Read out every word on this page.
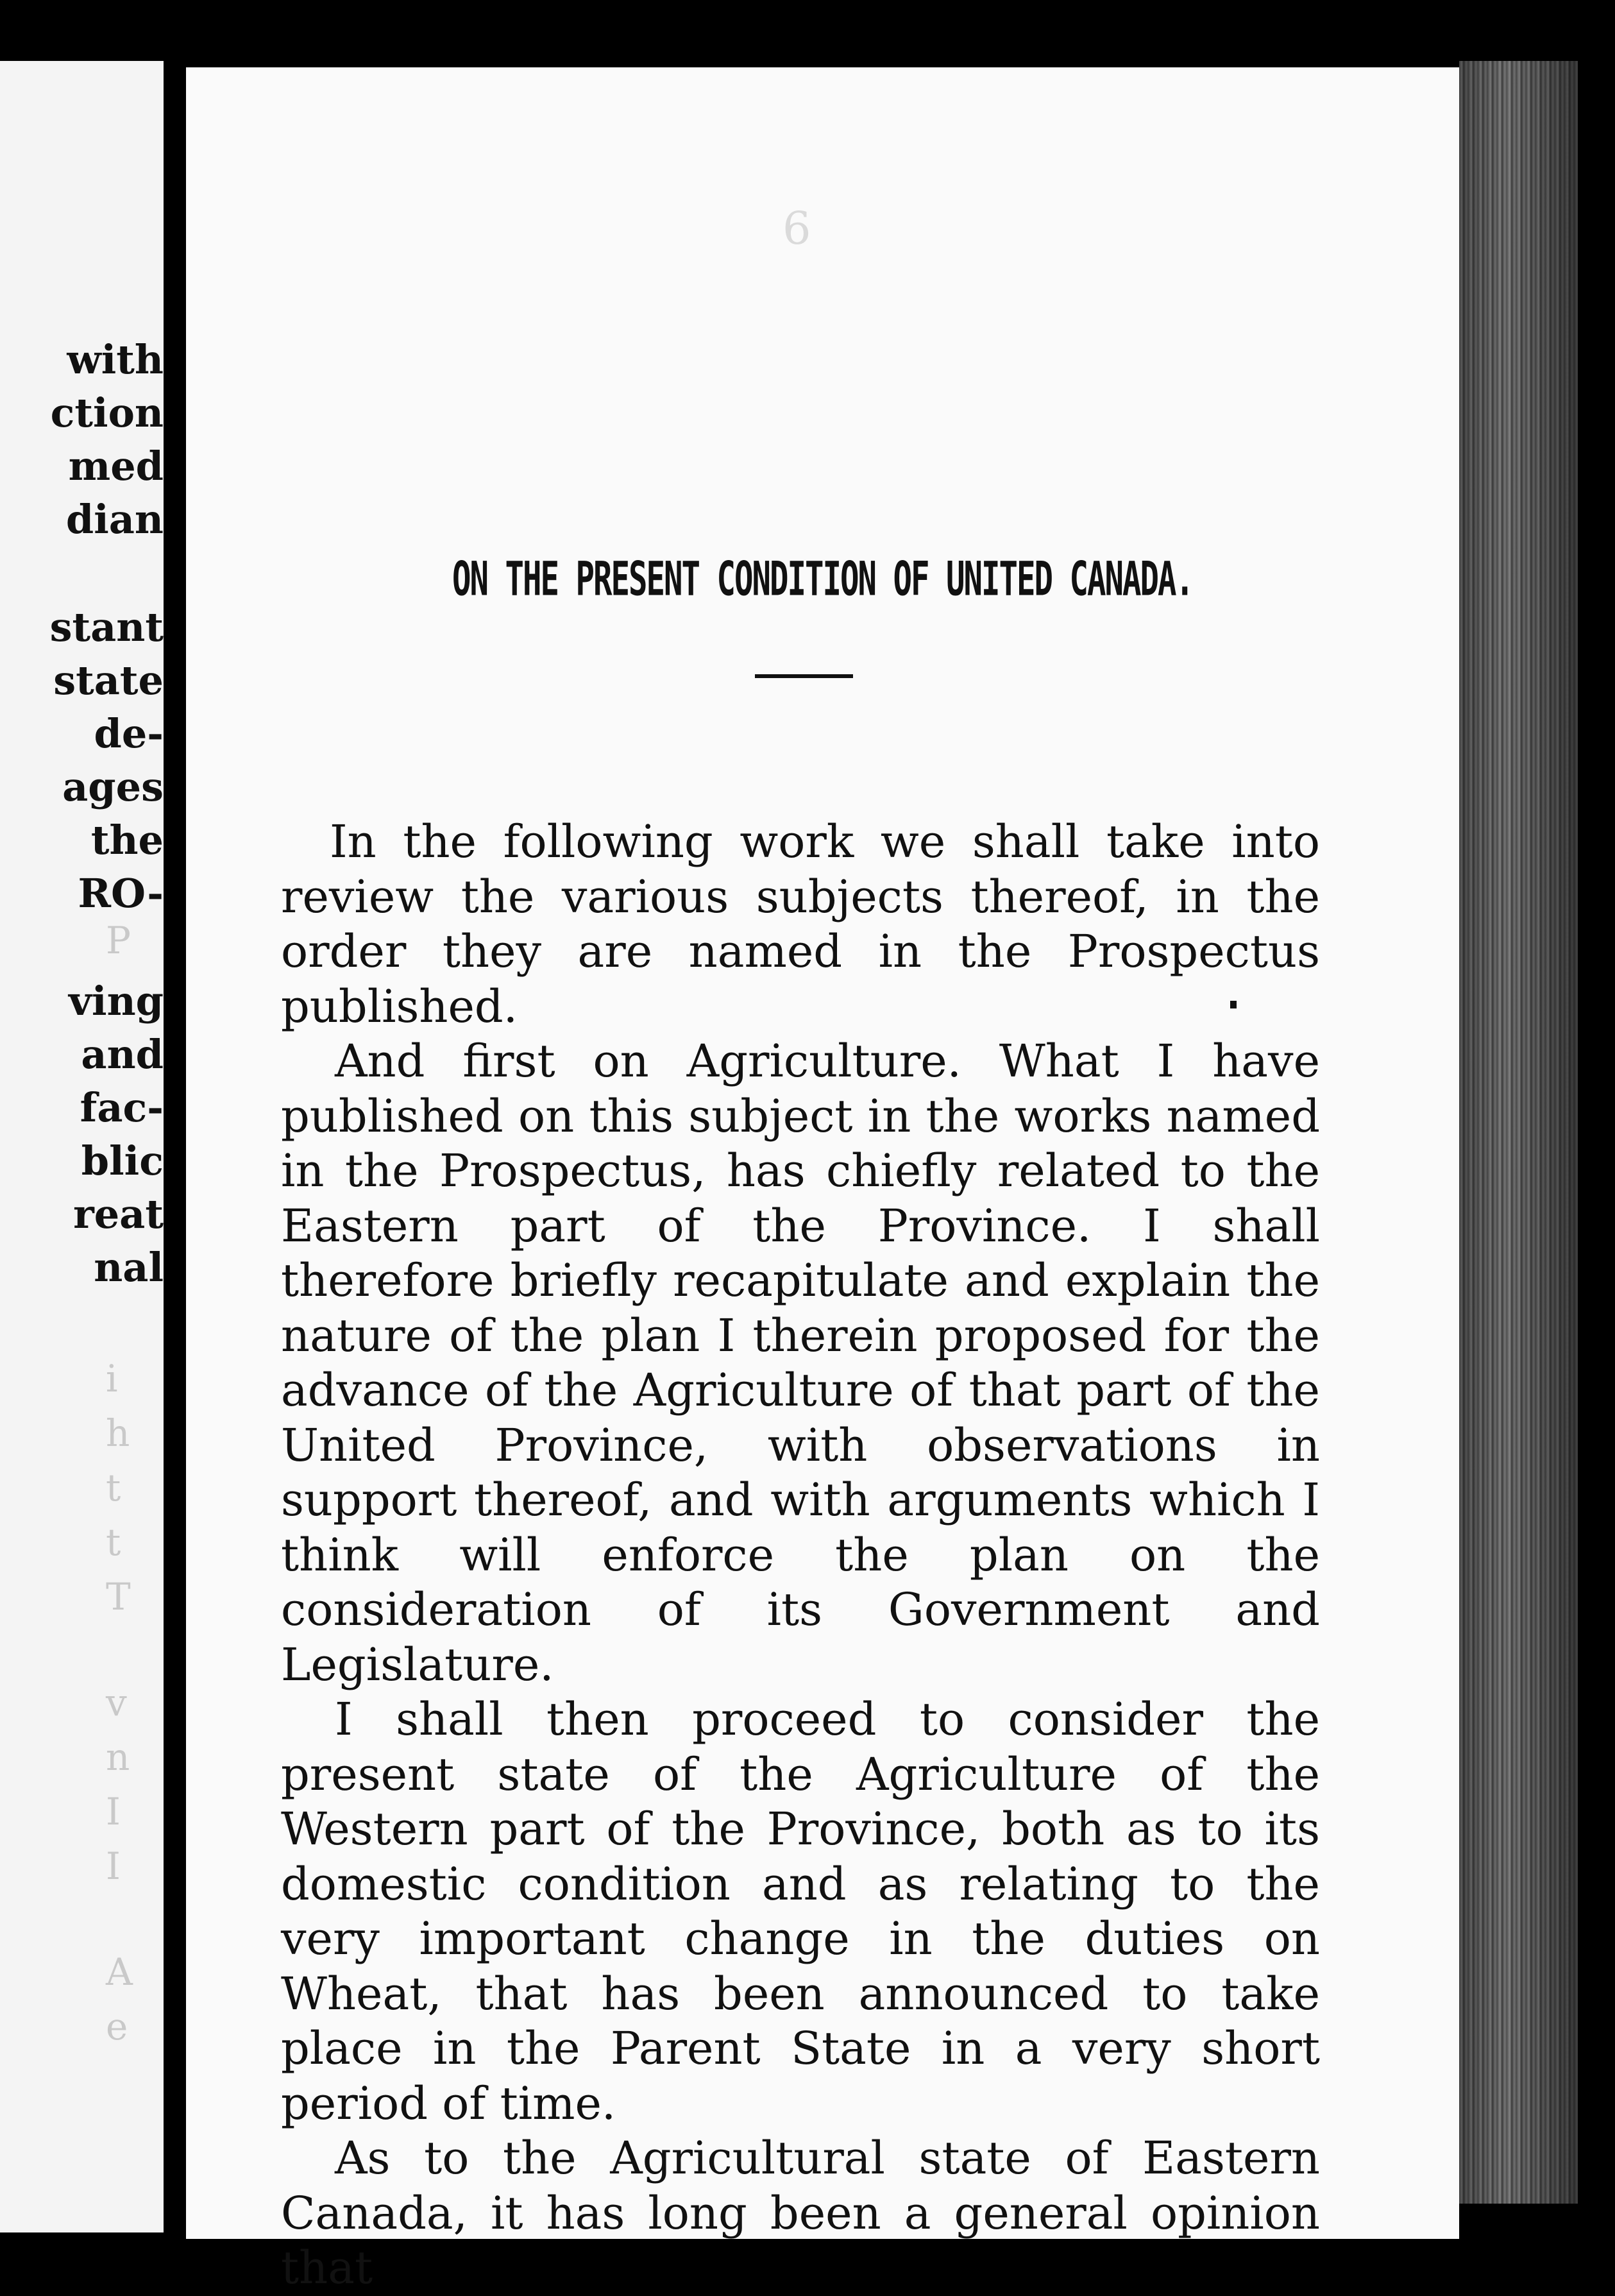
with
ction
med
dian
stant
state
de-
ages
the
RO-
ving
and
fac-
blic
reat
nal
P
i
h
t
t
T
v
n
I
I
A
e
6
ON THE PRESENT CONDITION OF UNITED CANADA.

In the following work we shall take into review the various subjects thereof, in the order they are named in the Prospectus published.

And first on Agriculture. What I have published on this subject in the works named in the Prospectus, has chiefly related to the Eastern part of the Province. I shall therefore briefly recapitulate and explain the nature of the plan I therein proposed for the advance of the Agriculture of that part of the United Province, with observations in support thereof, and with arguments which I think will enforce the plan on the consideration of its Government and Legislature.

I shall then proceed to consider the present state of the Agriculture of the Western part of the Province, both as to its domestic condition and as relating to the very important change in the duties on Wheat, that has been announced to take place in the Parent State in a very short period of time.

As to the Agricultural state of Eastern Canada, it has long been a general opinion that
